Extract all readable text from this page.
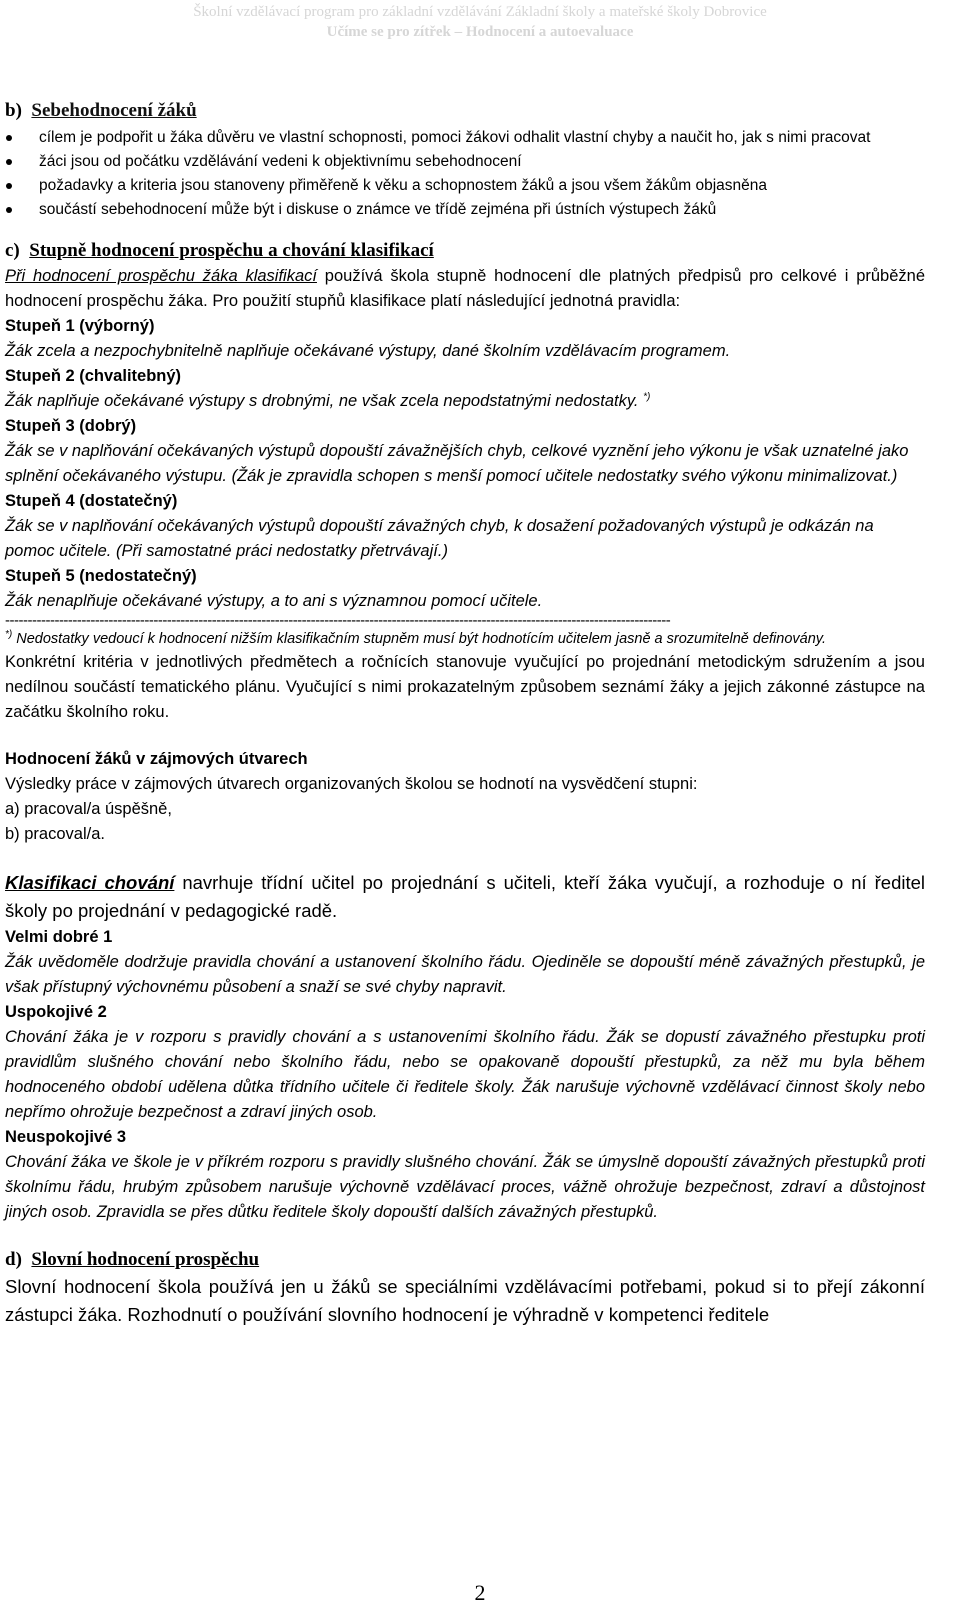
Školní vzdělávací program pro základní vzdělávání Základní školy a mateřské školy Dobrovice
Učíme se pro zítřek – Hodnocení a autoevaluace

b) Sebehodnocení žáků

cílem je podpořit u žáka důvěru ve vlastní schopnosti, pomoci žákovi odhalit vlastní chyby a naučit ho, jak s nimi pracovat
žáci jsou od počátku vzdělávání vedeni k objektivnímu sebehodnocení
požadavky a kriteria jsou stanoveny přiměřeně k věku a schopnostem žáků a jsou všem žákům objasněna
součástí sebehodnocení může být i diskuse o známce ve třídě zejména při ústních výstupech žáků

c) Stupně hodnocení prospěchu a chování klasifikací

Při hodnocení prospěchu žáka klasifikací používá škola stupně hodnocení dle platných předpisů pro celkové i průběžné hodnocení prospěchu žáka. Pro použití stupňů klasifikace platí následující jednotná pravidla:

Stupeň 1 (výborný)

Žák zcela a nezpochybnitelně naplňuje očekávané výstupy, dané školním vzdělávacím programem.

Stupeň 2 (chvalitebný)

Žák naplňuje očekávané výstupy s drobnými, ne však zcela nepodstatnými nedostatky. *)

Stupeň 3 (dobrý)

Žák se v naplňování očekávaných výstupů dopouští závažnějších chyb, celkové vyznění jeho výkonu je však uznatelné jako splnění očekávaného výstupu. (Žák je zpravidla schopen s menší pomocí učitele nedostatky svého výkonu minimalizovat.)

Stupeň 4 (dostatečný)

Žák se v naplňování očekávaných výstupů dopouští závažných chyb, k dosažení požadovaných výstupů je odkázán na pomoc učitele. (Při samostatné práci nedostatky přetrvávají.)

Stupeň 5 (nedostatečný)

Žák nenaplňuje očekávané výstupy, a to ani s významnou pomocí učitele.

----------------------------------------------------------------------------------------------------------------------------------------------------

*) Nedostatky vedoucí k hodnocení nižším klasifikačním stupněm musí být hodnotícím učitelem jasně a srozumitelně definovány.

Konkrétní kritéria v jednotlivých předmětech a ročnících stanovuje vyučující po projednání metodickým sdružením a jsou nedílnou součástí tematického plánu. Vyučující s nimi prokazatelným způsobem seznámí žáky a jejich zákonné zástupce na začátku školního roku.

Hodnocení žáků v zájmových útvarech

Výsledky práce v zájmových útvarech organizovaných školou se hodnotí na vysvědčení stupni:

a) pracoval/a úspěšně,

b) pracoval/a.

Klasifikaci chování navrhuje třídní učitel po projednání s učiteli, kteří žáka vyučují, a rozhoduje o ní ředitel školy po projednání v pedagogické radě.

Velmi dobré 1

Žák uvědoměle dodržuje pravidla chování a ustanovení školního řádu. Ojediněle se dopouští méně závažných přestupků, je však přístupný výchovnému působení a snaží se své chyby napravit.

Uspokojivé 2

Chování žáka je v rozporu s pravidly chování a s ustanoveními školního řádu. Žák se dopustí závažného přestupku proti pravidlům slušného chování nebo školního řádu, nebo se opakovaně dopouští přestupků, za něž mu byla během hodnoceného období udělena důtka třídního učitele či ředitele školy. Žák narušuje výchovně vzdělávací činnost školy nebo nepřímo ohrožuje bezpečnost a zdraví jiných osob.

Neuspokojivé 3

Chování žáka ve škole je v příkrém rozporu s pravidly slušného chování. Žák se úmyslně dopouští závažných přestupků proti školnímu řádu, hrubým způsobem narušuje výchovně vzdělávací proces, vážně ohrožuje bezpečnost, zdraví a důstojnost jiných osob. Zpravidla se přes důtku ředitele školy dopouští dalších závažných přestupků.

d) Slovní hodnocení prospěchu

Slovní hodnocení škola používá jen u žáků se speciálními vzdělávacími potřebami, pokud si to přejí zákonní zástupci žáka. Rozhodnutí o používání slovního hodnocení je výhradně v kompetenci ředitele

2
